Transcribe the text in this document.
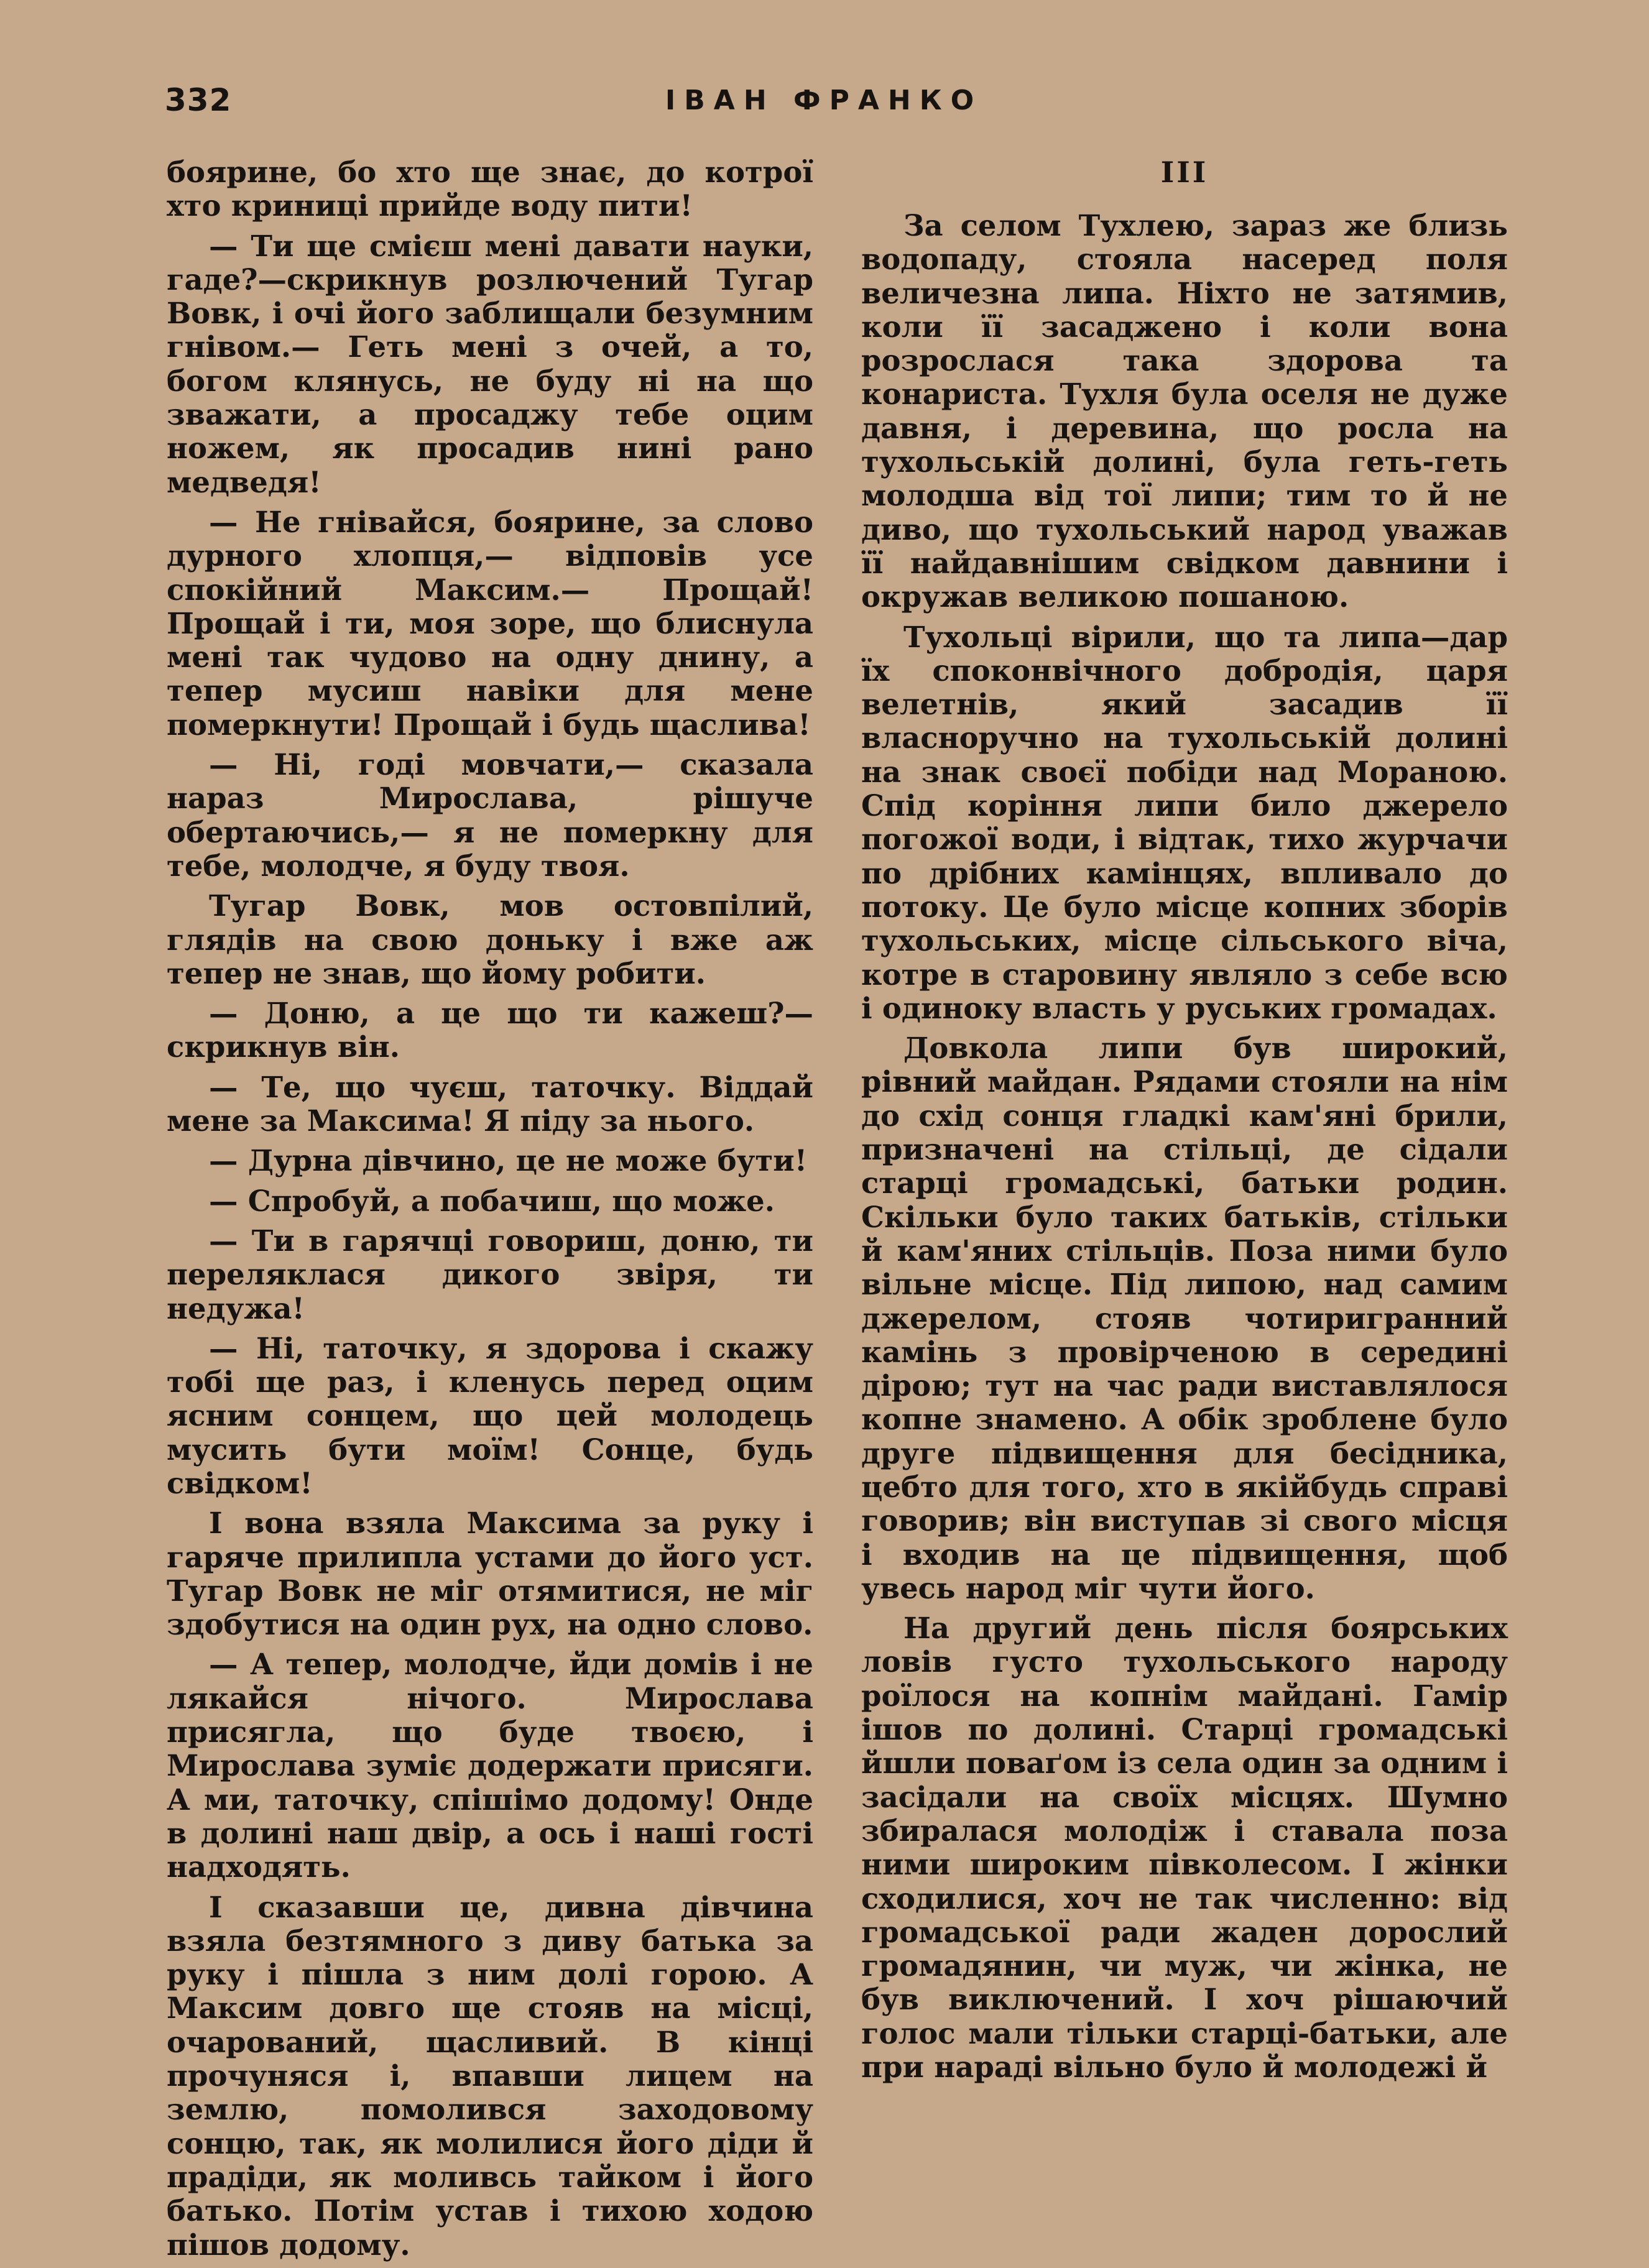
332	ІВАН ФРАНКО

боярине, бо хто ще знає, до котрої хто криниці прийде воду пити!

— Ти ще смієш мені давати науки, гаде?—скрикнув розлючений Тугар Вовк, і очі його заблищали безумним гнівом.— Геть мені з очей, а то, богом клянусь, не буду ні на що зважати, а просаджу тебе оцим ножем, як просадив нині рано медведя!

— Не гнівайся, боярине, за слово дурного хлопця,— відповів усе спокійний Максим.— Прощай! Прощай і ти, моя зоре, що блиснула мені так чудово на одну днину, а тепер мусиш навіки для мене померкнути! Прощай і будь щаслива!

— Ні, годі мовчати,— сказала нараз Мирослава, рішуче обертаючись,— я не померкну для тебе, молодче, я буду твоя.

Тугар Вовк, мов остовпілий, глядів на свою доньку і вже аж тепер не знав, що йому робити.

— Доню, а це що ти кажеш?— скрикнув він.

— Те, що чуєш, таточку. Віддай мене за Максима! Я піду за нього.

— Дурна дівчино, це не може бути!

— Спробуй, а побачиш, що може.

— Ти в гарячці говориш, доню, ти переляклася дикого звіря, ти недужа!

— Ні, таточку, я здорова і скажу тобі ще раз, і кленусь перед оцим ясним сонцем, що цей молодець мусить бути моїм! Сонце, будь свідком!

І вона взяла Максима за руку і гаряче прилипла устами до його уст. Тугар Вовк не міг отямитися, не міг здобутися на один рух, на одно слово.

— А тепер, молодче, йди домів і не лякайся нічого. Мирослава присягла, що буде твоєю, і Мирослава зуміє додержати присяги. А ми, таточку, спішімо додому! Онде в долині наш двір, а ось і наші гості надходять.

І сказавши це, дивна дівчина взяла безтямного з диву батька за руку і пішла з ним долі горою. А Максим довго ще стояв на місці, очарований, щасливий. В кінці прочуняся і, впавши лицем на землю, помолився заходовому сонцю, так, як молилися його діди й прадіди, як моливсь тайком і його батько. Потім устав і тихою ходою пішов додому.

III

За селом Тухлею, зараз же близь водопаду, стояла насеред поля величезна липа. Ніхто не затямив, коли її засаджено і коли вона розрослася така здорова та конариста. Тухля була оселя не дуже давня, і деревина, що росла на тухольській долині, була геть-геть молодша від тої липи; тим то й не диво, що тухольський народ уважав її найдавнішим свідком давнини і окружав великою пошаною.

Тухольці вірили, що та липа—дар їх споконвічного добродія, царя велетнів, який засадив її власноручно на тухольській долині на знак своєї побіди над Мораною. Спід коріння липи било джерело погожої води, і відтак, тихо журчачи по дрібних камінцях, впливало до потоку. Це було місце копних зборів тухольських, місце сільського віча, котре в старовину являло з себе всю і одиноку власть у руських громадах.

Довкола липи був широкий, рівний майдан. Рядами стояли на нім до схід сонця гладкі кам'яні брили, призначені на стільці, де сідали старці громадські, батьки родин. Скільки було таких батьків, стільки й кам'яних стільців. Поза ними було вільне місце. Під липою, над самим джерелом, стояв чотиригранний камінь з провірченою в середині дірою; тут на час ради виставлялося копне знамено. А обік зроблене було друге підвищення для бесідника, цебто для того, хто в якійбудь справі говорив; він виступав зі свого місця і входив на це підвищення, щоб увесь народ міг чути його.

На другий день після боярських ловів густо тухольського народу роїлося на копнім майдані. Гамір ішов по долині. Старці громадські йшли поваґом із села один за одним і засідали на своїх місцях. Шумно збиралася молодіж і ставала поза ними широким півколесом. І жінки сходилися, хоч не так численно: від громадської ради жаден дорослий громадянин, чи муж, чи жінка, не був виключений. І хоч рішаючий голос мали тільки старці-батьки, але при нараді вільно було й молодежі й
